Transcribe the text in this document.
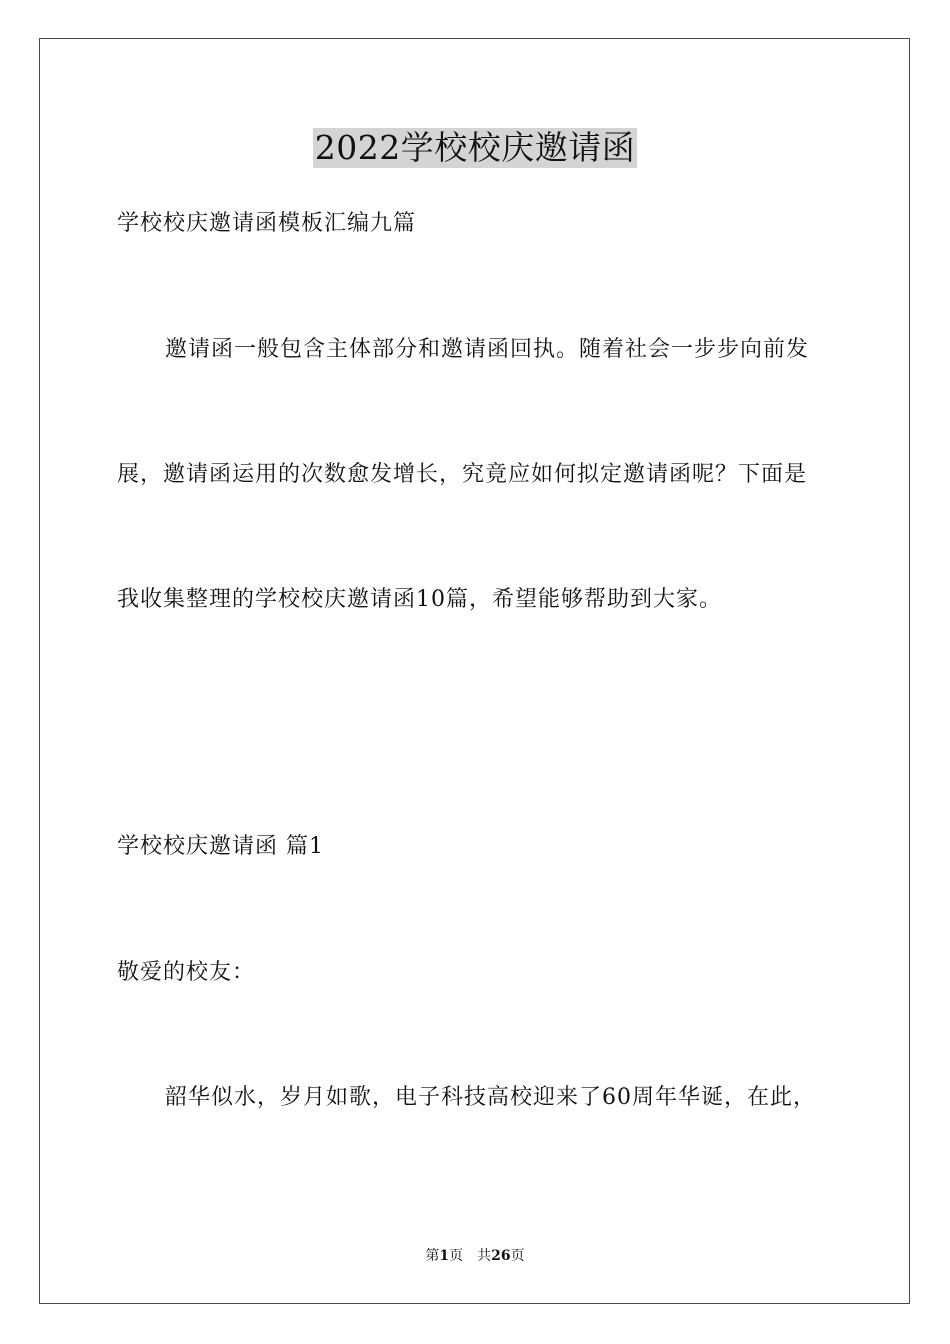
2022学校校庆邀请函
学校校庆邀请函模板汇编九篇
邀请函一般包含主体部分和邀请函回执。随着社会一步步向前发
展，邀请函运用的次数愈发增长，究竟应如何拟定邀请函呢？下面是
我收集整理的学校校庆邀请函10篇，希望能够帮助到大家。
学校校庆邀请函 篇1
敬爱的校友：
韶华似水，岁月如歌，电子科技高校迎来了60周年华诞，在此，
第1页 共26页
